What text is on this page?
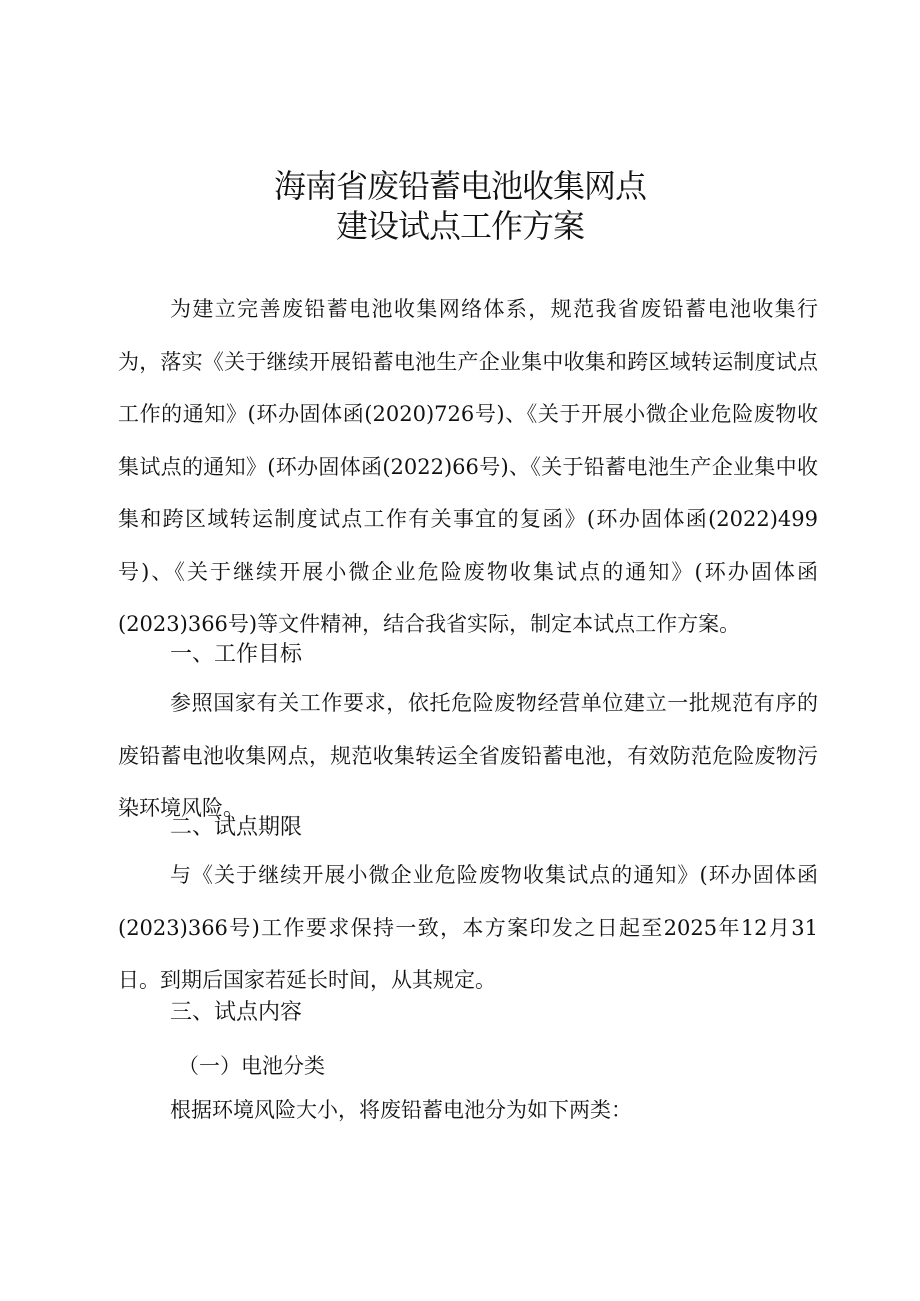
海南省废铅蓄电池收集网点
建设试点工作方案

为建立完善废铅蓄电池收集网络体系，规范我省废铅蓄电池收集行为，落实《关于继续开展铅蓄电池生产企业集中收集和跨区域转运制度试点工作的通知》(环办固体函(2020)726号)、《关于开展小微企业危险废物收集试点的通知》(环办固体函(2022)66号)、《关于铅蓄电池生产企业集中收集和跨区域转运制度试点工作有关事宜的复函》(环办固体函(2022)499号)、《关于继续开展小微企业危险废物收集试点的通知》(环办固体函(2023)366号)等文件精神，结合我省实际，制定本试点工作方案。

一、工作目标

参照国家有关工作要求，依托危险废物经营单位建立一批规范有序的废铅蓄电池收集网点，规范收集转运全省废铅蓄电池，有效防范危险废物污染环境风险。

二、试点期限

与《关于继续开展小微企业危险废物收集试点的通知》(环办固体函(2023)366号)工作要求保持一致，本方案印发之日起至2025年12月31日。到期后国家若延长时间，从其规定。

三、试点内容
（一）电池分类

根据环境风险大小，将废铅蓄电池分为如下两类：
